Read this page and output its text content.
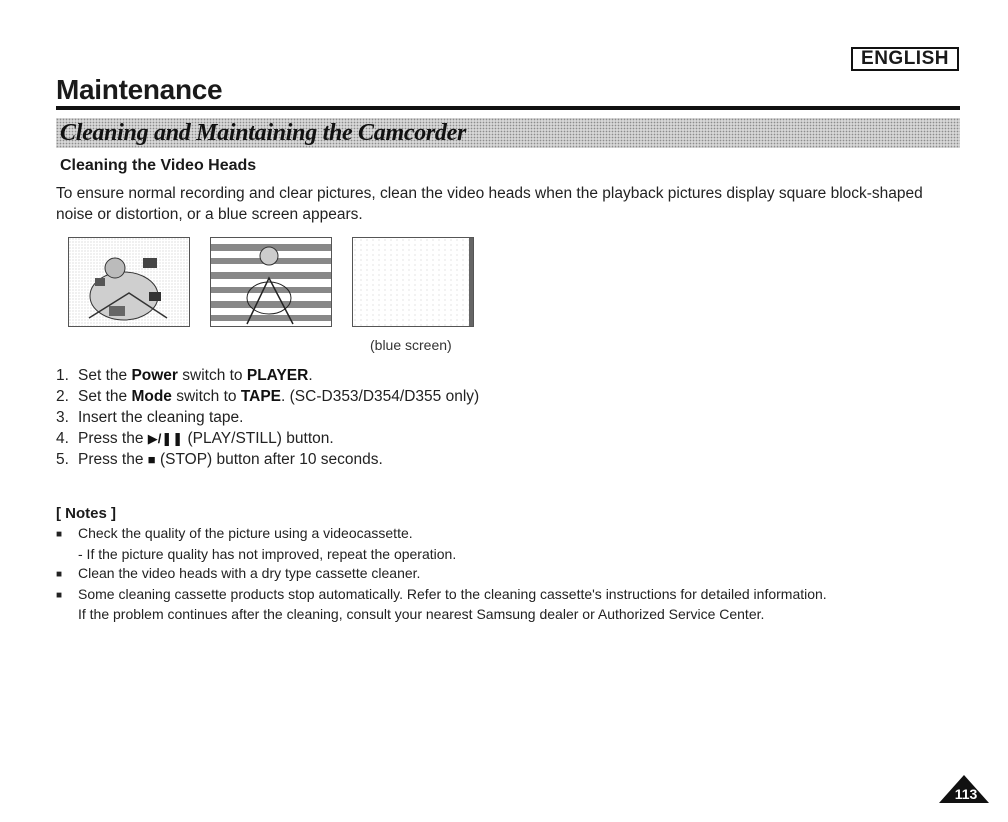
ENGLISH
Maintenance
Cleaning and Maintaining the Camcorder
Cleaning the Video Heads

To ensure normal recording and clear pictures, clean the video heads when the playback pictures display square block-shaped noise or distortion, or a blue screen appears.

(blue screen)

1. Set the Power switch to PLAYER.
2. Set the Mode switch to TAPE. (SC-D353/D354/D355 only)
3. Insert the cleaning tape.
4. Press the ▶/❚❚ (PLAY/STILL) button.
5. Press the ■ (STOP) button after 10 seconds.
[ Notes ]
■	Check the quality of the picture using a videocassette.
- If the picture quality has not improved, repeat the operation.
■	Clean the video heads with a dry type cassette cleaner.
■	Some cleaning cassette products stop automatically. Refer to the cleaning cassette's instructions for detailed information.
If the problem continues after the cleaning, consult your nearest Samsung dealer or Authorized Service Center.
113
